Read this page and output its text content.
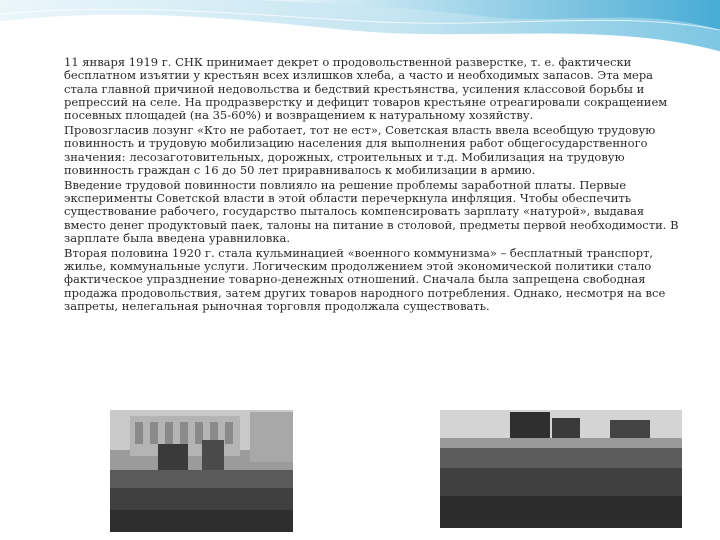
11 января 1919 г. СНК принимает декрет о продовольственной разверстке, т. е. фактически бесплатном изъятии у крестьян всех излишков хлеба, а часто и необходимых запасов. Эта мера стала главной причиной недовольства и бедствий крестьянства, усиления классовой борьбы и репрессий на селе. На продразверстку и дефицит товаров крестьяне отреагировали сокращением посевных площадей (на 35-60%) и возвращением к натуральному хозяйству.

Провозгласив лозунг «Кто не работает, тот не ест», Советская власть ввела всеобщую трудовую повинность и трудовую мобилизацию населения для выполнения работ общегосударственного значения: лесозаготовительных, дорожных, строительных и т.д. Мобилизация на трудовую повинность граждан с 16 до 50 лет приравнивалось к мобилизации в армию.

Введение трудовой повинности повлияло на решение проблемы заработной платы. Первые эксперименты Советской власти в этой области перечеркнула инфляция. Чтобы обеспечить существование рабочего, государство пыталось компенсировать зарплату «натурой», выдавая вместо денег продуктовый паек, талоны на питание в столовой, предметы первой необходимости. В зарплате была введена уравниловка.

Вторая половина 1920 г. стала кульминацией «военного коммунизма» – бесплатный транспорт, жилье, коммунальные услуги. Логическим продолжением этой экономической политики стало фактическое упразднение товарно-денежных отношений. Сначала была запрещена свободная продажа продовольствия, затем других товаров народного потребления. Однако, несмотря на все запреты, нелегальная рыночная торговля продолжала существовать.
